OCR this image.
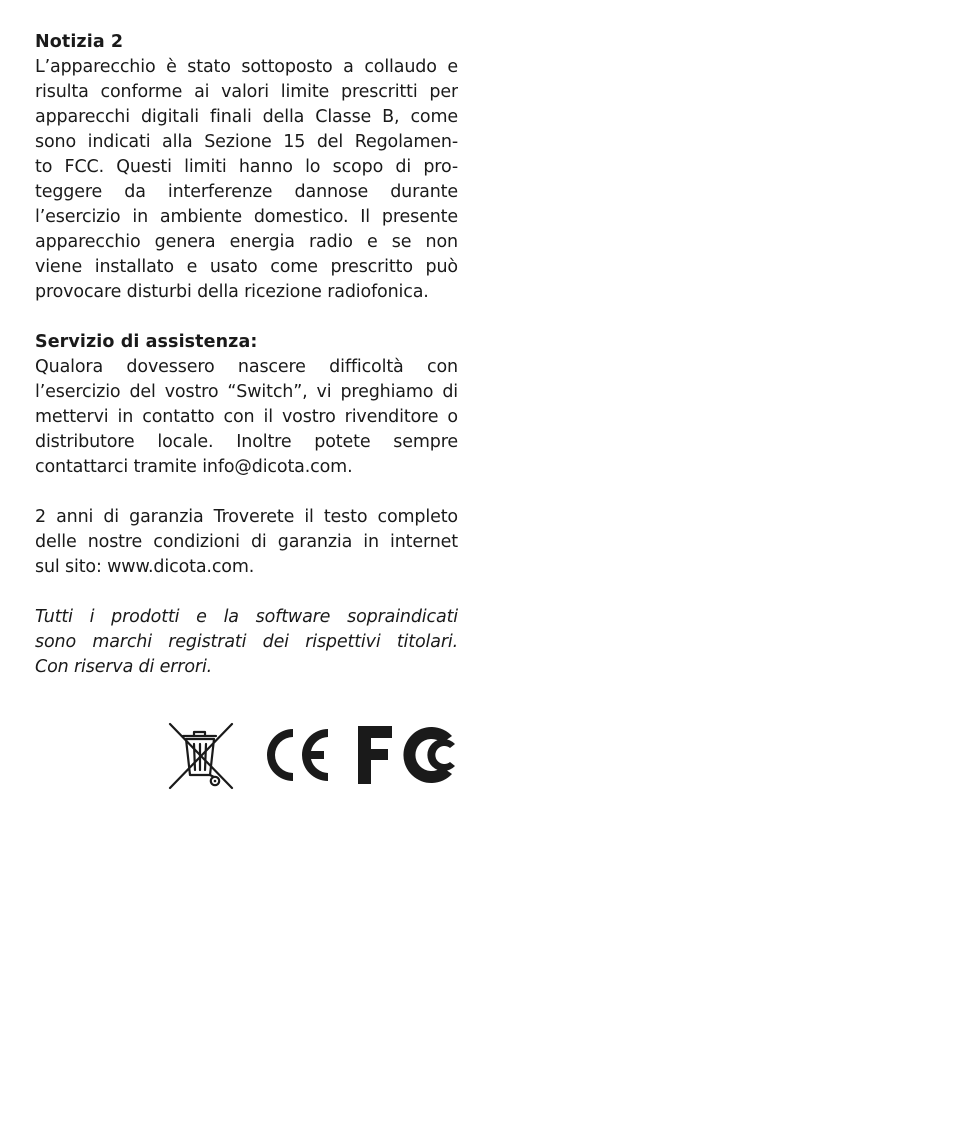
Notizia 2
L’apparecchio è stato sottoposto a collaudo e
risulta conforme ai valori limite prescritti per
apparecchi digitali finali della Classe B, come
sono indicati alla Sezione 15 del Regolamen-
to FCC. Questi limiti hanno lo scopo di pro-
teggere da interferenze dannose durante
l’esercizio in ambiente domestico. Il presente
apparecchio genera energia radio e se non
viene installato e usato come prescritto può
provocare disturbi della ricezione radiofonica.
Servizio di assistenza:
Qualora dovessero nascere difficoltà con
l’esercizio del vostro “Switch”, vi preghiamo di
mettervi in contatto con il vostro rivenditore o
distributore locale. Inoltre potete sempre
contattarci tramite info@dicota.com.
2 anni di garanzia Troverete il testo completo
delle nostre condizioni di garanzia in internet
sul sito: www.dicota.com.
Tutti i prodotti e la software sopraindicati
sono marchi registrati dei rispettivi titolari.
Con riserva di errori.
CE
FC
